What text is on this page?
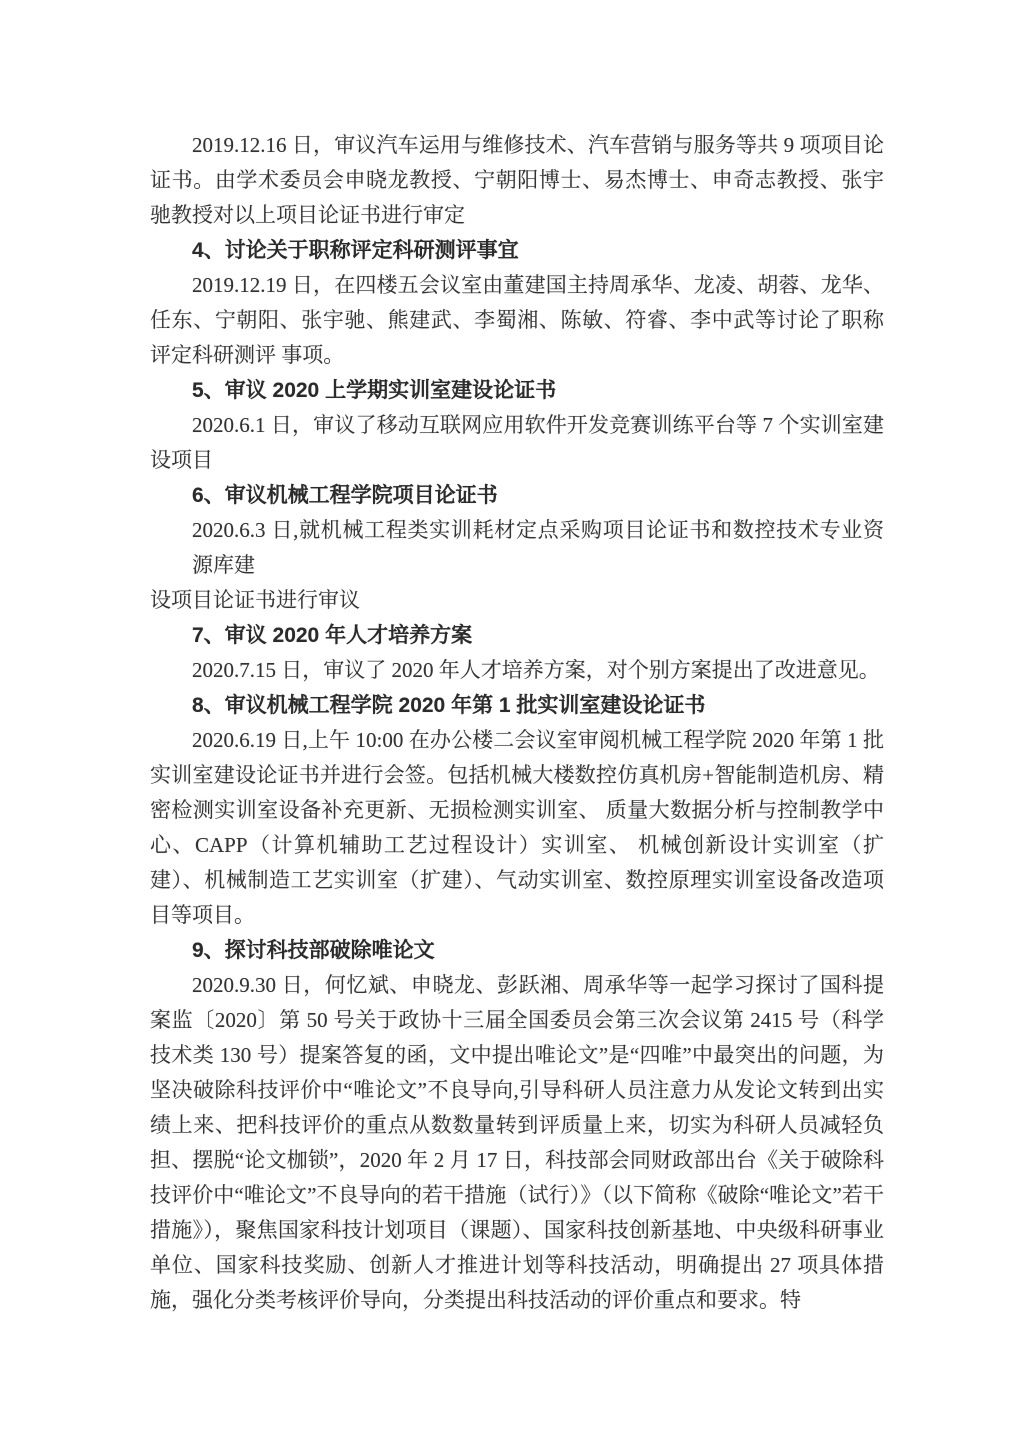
2019.12.16 日，审议汽车运用与维修技术、汽车营销与服务等共 9 项项目论证书。由学术委员会申晓龙教授、宁朝阳博士、易杰博士、申奇志教授、张宇驰教授对以上项目论证书进行审定

4、讨论关于职称评定科研测评事宜

2019.12.19 日，在四楼五会议室由董建国主持周承华、龙凌、胡蓉、龙华、任东、宁朝阳、张宇驰、熊建武、李蜀湘、陈敏、符睿、李中武等讨论了职称评定科研测评 事项。

5、审议 2020 上学期实训室建设论证书

2020.6.1 日，审议了移动互联网应用软件开发竞赛训练平台等 7 个实训室建设项目

6、审议机械工程学院项目论证书

2020.6.3 日,就机械工程类实训耗材定点采购项目论证书和数控技术专业资源库建

设项目论证书进行审议

7、审议 2020 年人才培养方案

2020.7.15 日，审议了 2020 年人才培养方案，对个别方案提出了改进意见。

8、审议机械工程学院 2020 年第 1 批实训室建设论证书

2020.6.19 日,上午 10:00 在办公楼二会议室审阅机械工程学院 2020 年第 1 批实训室建设论证书并进行会签。包括机械大楼数控仿真机房+智能制造机房、精密检测实训室设备补充更新、无损检测实训室、 质量大数据分析与控制教学中心、CAPP（计算机辅助工艺过程设计）实训室、 机械创新设计实训室（扩建）、机械制造工艺实训室（扩建）、气动实训室、数控原理实训室设备改造项目等项目。

9、探讨科技部破除唯论文

2020.9.30 日，何忆斌、申晓龙、彭跃湘、周承华等一起学习探讨了国科提案监〔2020〕第 50 号关于政协十三届全国委员会第三次会议第 2415 号（科学技术类 130 号）提案答复的函，文中提出唯论文”是“四唯”中最突出的问题，为坚决破除科技评价中“唯论文”不良导向,引导科研人员注意力从发论文转到出实绩上来、把科技评价的重点从数数量转到评质量上来，切实为科研人员减轻负担、摆脱“论文枷锁”，2020 年 2 月 17 日，科技部会同财政部出台《关于破除科技评价中“唯论文”不良导向的若干措施（试行）》（以下简称《破除“唯论文”若干措施》），聚焦国家科技计划项目（课题）、国家科技创新基地、中央级科研事业单位、国家科技奖励、创新人才推进计划等科技活动，明确提出 27 项具体措施，强化分类考核评价导向，分类提出科技活动的评价重点和要求。特
